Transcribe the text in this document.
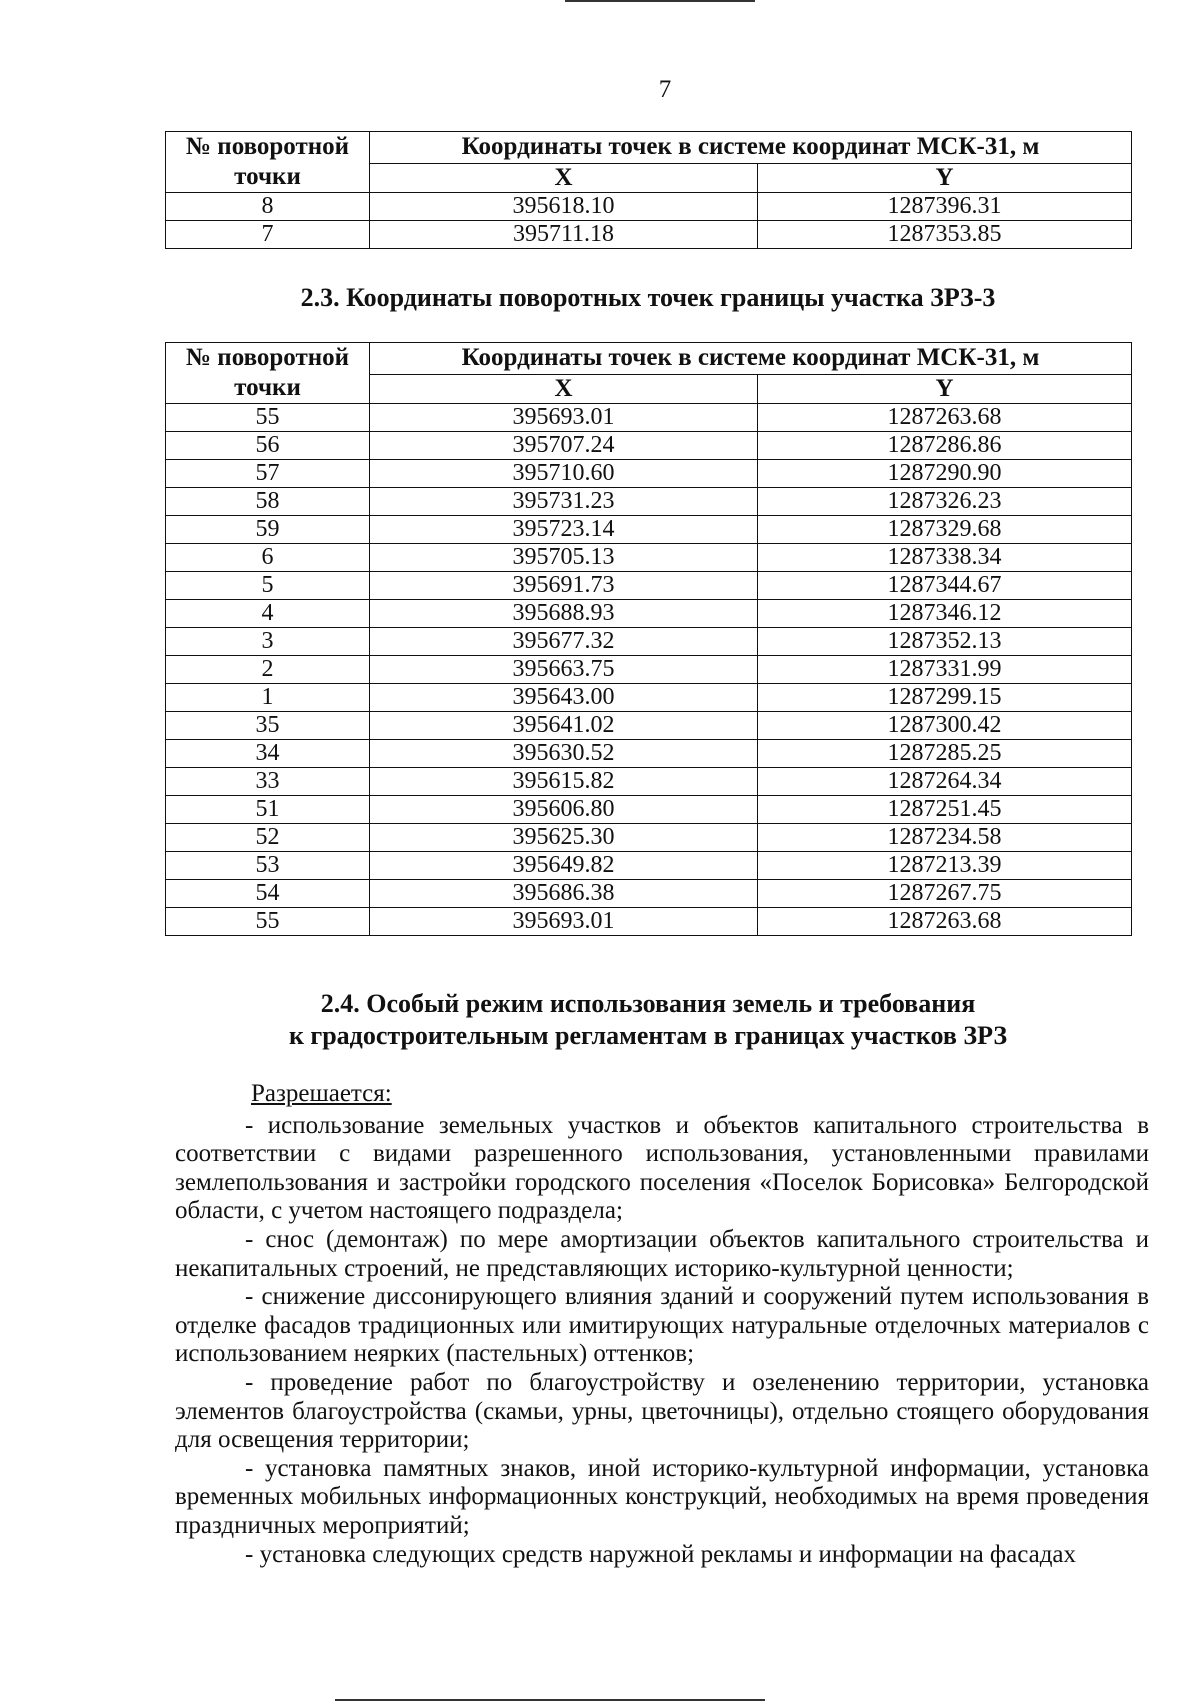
7
№ поворотной точки	Координаты точек в системе координат МСК-31, м	
	X	Y
8	395618.10	1287396.31
7	395711.18	1287353.85
2.3. Координаты поворотных точек границы участка ЗРЗ-3
№ поворотной точки	Координаты точек в системе координат МСК-31, м	
	X	Y
55	395693.01	1287263.68
56	395707.24	1287286.86
57	395710.60	1287290.90
58	395731.23	1287326.23
59	395723.14	1287329.68
6	395705.13	1287338.34
5	395691.73	1287344.67
4	395688.93	1287346.12
3	395677.32	1287352.13
2	395663.75	1287331.99
1	395643.00	1287299.15
35	395641.02	1287300.42
34	395630.52	1287285.25
33	395615.82	1287264.34
51	395606.80	1287251.45
52	395625.30	1287234.58
53	395649.82	1287213.39
54	395686.38	1287267.75
55	395693.01	1287263.68
2.4. Особый режим использования земель и требования
к градостроительным регламентам в границах участков ЗРЗ

Разрешается:

- использование земельных участков и объектов капитального строительства в соответствии с видами разрешенного использования, установленными правилами землепользования и застройки городского поселения «Поселок Борисовка» Белгородской области, с учетом настоящего подраздела;

- снос (демонтаж) по мере амортизации объектов капитального строительства и некапитальных строений, не представляющих историко-культурной ценности;

- снижение диссонирующего влияния зданий и сооружений путем использования в отделке фасадов традиционных или имитирующих натуральные отделочных материалов с использованием неярких (пастельных) оттенков;

- проведение работ по благоустройству и озеленению территории, установка элементов благоустройства (скамьи, урны, цветочницы), отдельно стоящего оборудования для освещения территории;

- установка памятных знаков, иной историко-культурной информации, установка временных мобильных информационных конструкций, необходимых на время проведения праздничных мероприятий;

- установка следующих средств наружной рекламы и информации на фасадах
